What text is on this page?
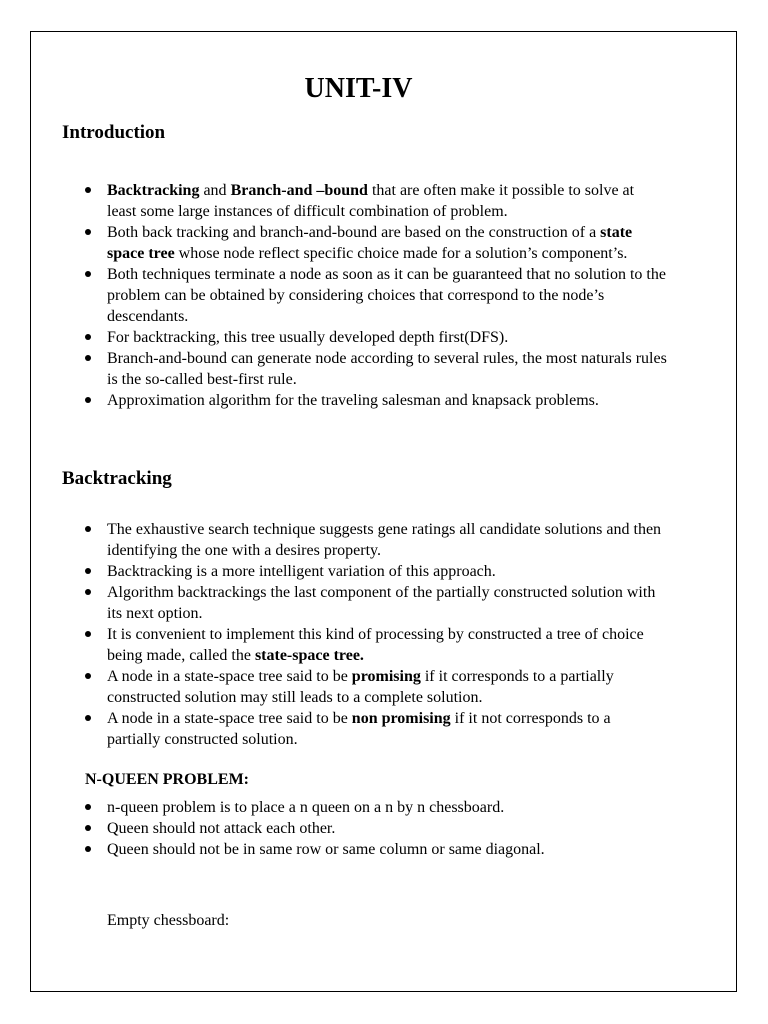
UNIT-IV
Introduction
Backtracking and Branch-and –bound that are often make it possible to solve at least some large instances of difficult combination of problem.
Both back tracking and branch-and-bound are based on the construction of a state space tree whose node reflect specific choice made for a solution’s component’s.
Both techniques terminate a node as soon as it can be guaranteed that no solution to the problem can be obtained by considering choices that correspond to the node’s descendants.
For backtracking, this tree usually developed depth first(DFS).
Branch-and-bound can generate node according to several rules, the most naturals rules is the so-called best-first rule.
Approximation algorithm for the traveling salesman and knapsack problems.
Backtracking
The exhaustive search technique suggests gene ratings all candidate solutions and then identifying the one with a desires property.
Backtracking is a more intelligent variation of this approach.
Algorithm backtrackings the last component of the partially constructed solution with its next option.
It is convenient to implement this kind of processing by constructed a tree of choice being made, called the state-space tree.
A node in a state-space tree said to be promising if it corresponds to a partially constructed solution may still leads to a complete solution.
A node in a state-space tree said to be non promising if it not corresponds to a partially constructed solution.
N-QUEEN PROBLEM:
n-queen problem is to place a n queen on a n by n chessboard.
Queen should not attack each other.
Queen should not be in same row or same column or same diagonal.

Empty chessboard:
